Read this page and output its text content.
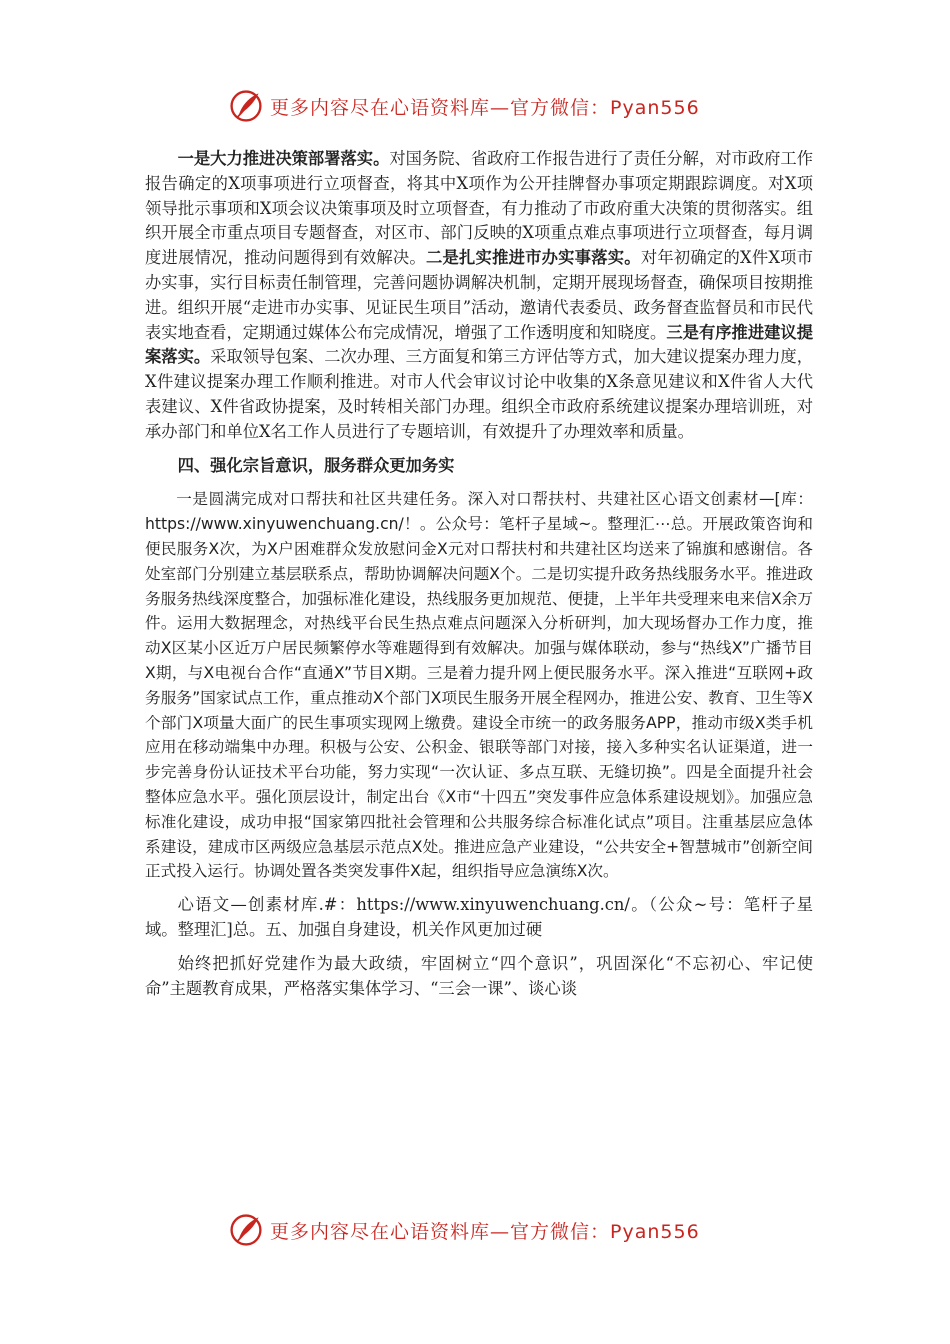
更多内容尽在心语资料库—官方微信：Pyan556

一是大力推进决策部署落实。对国务院、省政府工作报告进行了责任分解，对市政府工作报告确定的X项事项进行立项督查，将其中X项作为公开挂牌督办事项定期跟踪调度。对X项领导批示事项和X项会议决策事项及时立项督查，有力推动了市政府重大决策的贯彻落实。组织开展全市重点项目专题督查，对区市、部门反映的X项重点难点事项进行立项督查，每月调度进展情况，推动问题得到有效解决。二是扎实推进市办实事落实。对年初确定的X件X项市办实事，实行目标责任制管理，完善问题协调解决机制，定期开展现场督查，确保项目按期推进。组织开展“走进市办实事、见证民生项目”活动，邀请代表委员、政务督查监督员和市民代表实地查看，定期通过媒体公布完成情况，增强了工作透明度和知晓度。三是有序推进建议提案落实。采取领导包案、二次办理、三方面复和第三方评估等方式，加大建议提案办理力度，X件建议提案办理工作顺利推进。对市人代会审议讨论中收集的X条意见建议和X件省人大代表建议、X件省政协提案，及时转相关部门办理。组织全市政府系统建议提案办理培训班，对承办部门和单位X名工作人员进行了专题培训，有效提升了办理效率和质量。

四、强化宗旨意识，服务群众更加务实

一是圆满完成对口帮扶和社区共建任务。深入对口帮扶村、共建社区心语文创素材—[库：https://www.xinyuwenchuang.cn/！。公众号：笔杆子星域~。整理汇⋯总。开展政策咨询和便民服务X次，为X户困难群众发放慰问金X元对口帮扶村和共建社区均送来了锦旗和感谢信。各处室部门分别建立基层联系点，帮助协调解决问题X个。二是切实提升政务热线服务水平。推进政务服务热线深度整合，加强标准化建设，热线服务更加规范、便捷，上半年共受理来电来信X余万件。运用大数据理念，对热线平台民生热点难点问题深入分析研判，加大现场督办工作力度，推动X区某小区近万户居民频繁停水等难题得到有效解决。加强与媒体联动，参与“热线X”广播节目X期，与X电视台合作“直通X”节目X期。三是着力提升网上便民服务水平。深入推进“互联网+政务服务”国家试点工作，重点推动X个部门X项民生服务开展全程网办，推进公安、教育、卫生等X个部门X项量大面广的民生事项实现网上缴费。建设全市统一的政务服务APP，推动市级X类手机应用在移动端集中办理。积极与公安、公积金、银联等部门对接，接入多种实名认证渠道，进一步完善身份认证技术平台功能，努力实现“一次认证、多点互联、无缝切换”。四是全面提升社会整体应急水平。强化顶层设计，制定出台《X市“十四五”突发事件应急体系建设规划》。加强应急标准化建设，成功申报“国家第四批社会管理和公共服务综合标准化试点”项目。注重基层应急体系建设，建成市区两级应急基层示范点X处。推进应急产业建设，“公共安全+智慧城市”创新空间正式投入运行。协调处置各类突发事件X起，组织指导应急演练X次。

心语文—创素材库.#：https://www.xinyuwenchuang.cn/。（公众~号：笔杆子星域。整理汇]总。五、加强自身建设，机关作风更加过硬

始终把抓好党建作为最大政绩，牢固树立“四个意识”，巩固深化“不忘初心、牢记使命”主题教育成果，严格落实集体学习、“三会一课”、谈心谈

更多内容尽在心语资料库—官方微信：Pyan556
